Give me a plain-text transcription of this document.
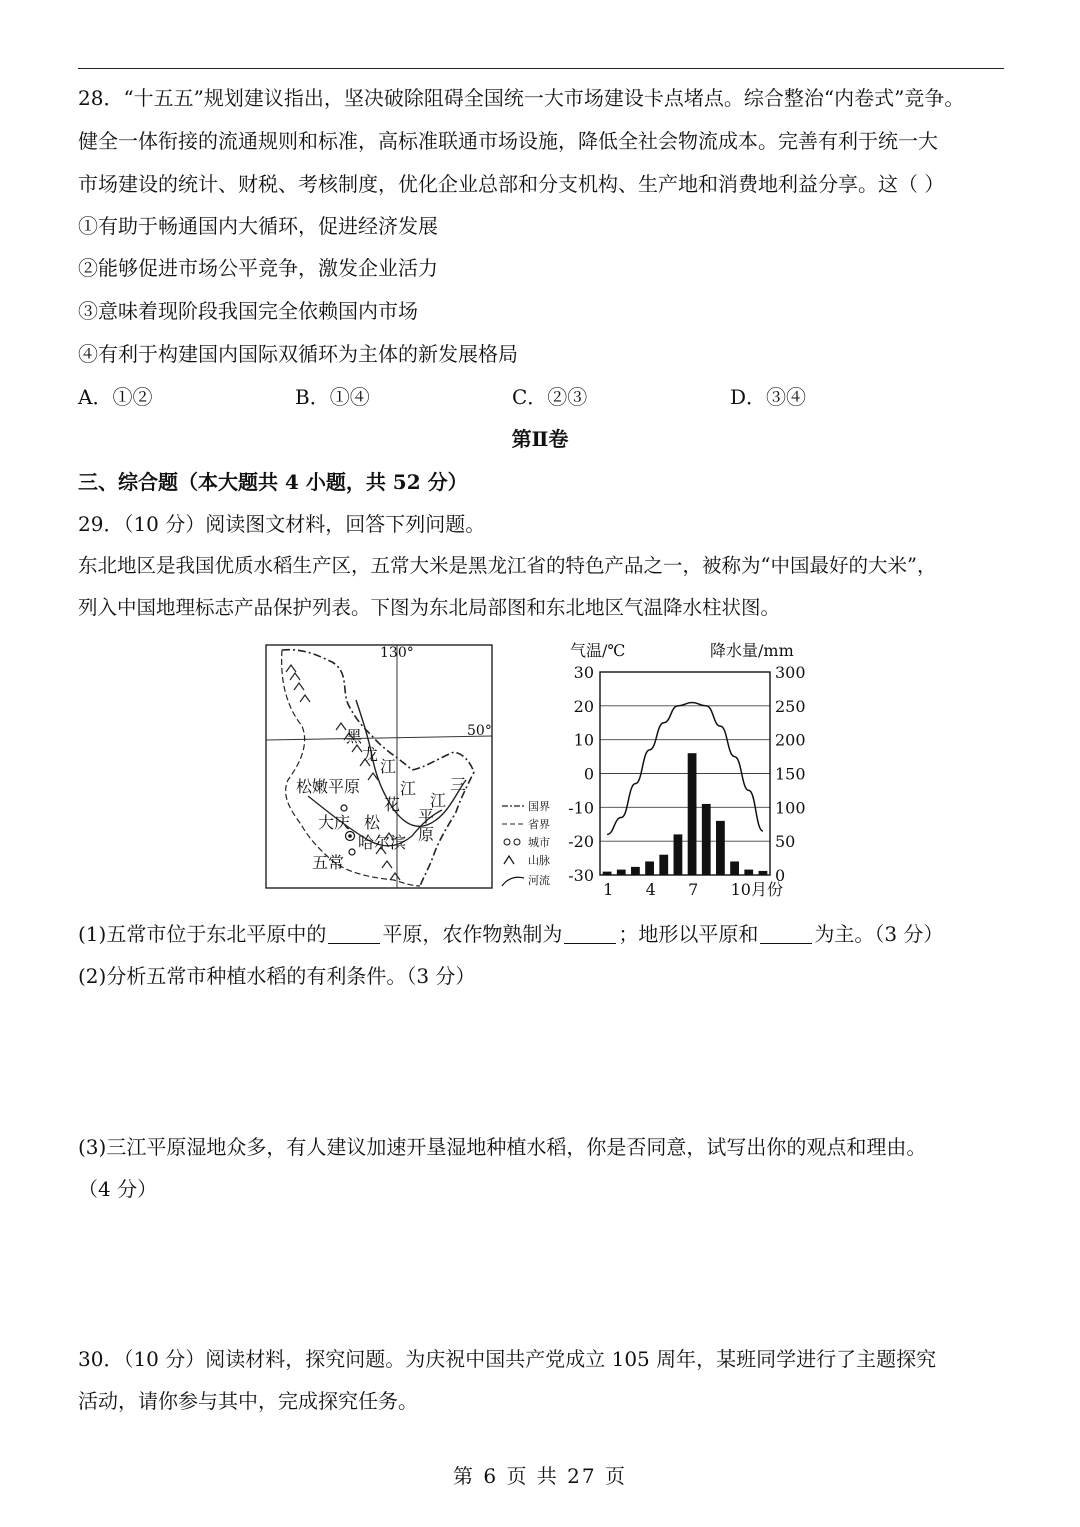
28．“十五五”规划建议指出，坚决破除阻碍全国统一大市场建设卡点堵点。综合整治“内卷式”竞争。
健全一体衔接的流通规则和标准，高标准联通市场设施，降低全社会物流成本。完善有利于统一大
市场建设的统计、财税、考核制度，优化企业总部和分支机构、生产地和消费地利益分享。这（ ）
①有助于畅通国内大循环，促进经济发展
②能够促进市场公平竞争，激发企业活力
③意味着现阶段我国完全依赖国内市场
④有利于构建国内国际双循环为主体的新发展格局
A．①②	B．①④	C．②③	D．③④
第Ⅱ卷
三、综合题（本大题共 4 小题，共 52 分）
29．（10 分）阅读图文材料，回答下列问题。
东北地区是我国优质水稻生产区，五常大米是黑龙江省的特色产品之一，被称为“中国最好的大米”，
列入中国地理标志产品保护列表。下图为东北局部图和东北地区气温降水柱状图。
130°
50°
黑
龙
江
松嫩平原
大庆 松
花
江
哈尔滨
五常
三
江
平
原
国界
省界
城市
山脉
河流
气温/℃	降水量/mm
30	300
20	250
10	200
0	150
-10	100
-20	50
-30	0
1 4 7 10月份
(1)五常市位于东北平原中的	平原，农作物熟制为	；地形以平原和	为主。（3 分）
(2)分析五常市种植水稻的有利条件。（3 分）
(3)三江平原湿地众多，有人建议加速开垦湿地种植水稻，你是否同意，试写出你的观点和理由。
（4 分）
30．（10 分）阅读材料，探究问题。为庆祝中国共产党成立 105 周年，某班同学进行了主题探究
活动，请你参与其中，完成探究任务。
第 6 页 共 27 页
